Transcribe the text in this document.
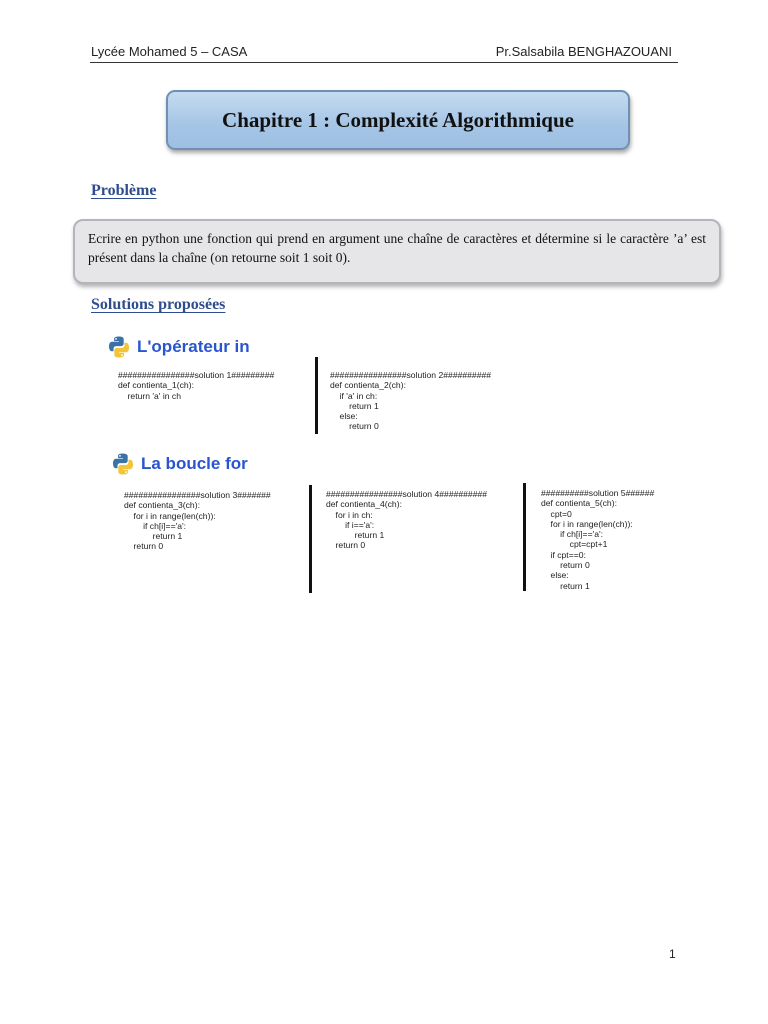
Lycée Mohamed 5 – CASA	Pr.Salsabila BENGHAZOUANI
Chapitre 1 : Complexité Algorithmique
Problème
Ecrire en python une fonction qui prend en argument une chaîne de caractères et détermine si le caractère ’a’ est présent dans la chaîne (on retourne soit 1 soit 0).
Solutions proposées
L'opérateur in
################solution 1#########
def contienta_1(ch):
return 'a' in ch
################solution 2##########
def contienta_2(ch):
if 'a' in ch:
return 1
else:
return 0
La boucle for
################solution 3#######
def contienta_3(ch):
for i in range(len(ch)):
if ch[i]=='a':
return 1
return 0
################solution 4##########
def contienta_4(ch):
for i in ch:
if i=='a':
return 1
return 0
##########solution 5######
def contienta_5(ch):
cpt=0
for i in range(len(ch)):
if ch[i]=='a':
cpt=cpt+1
if cpt==0:
return 0
else:
return 1
1
